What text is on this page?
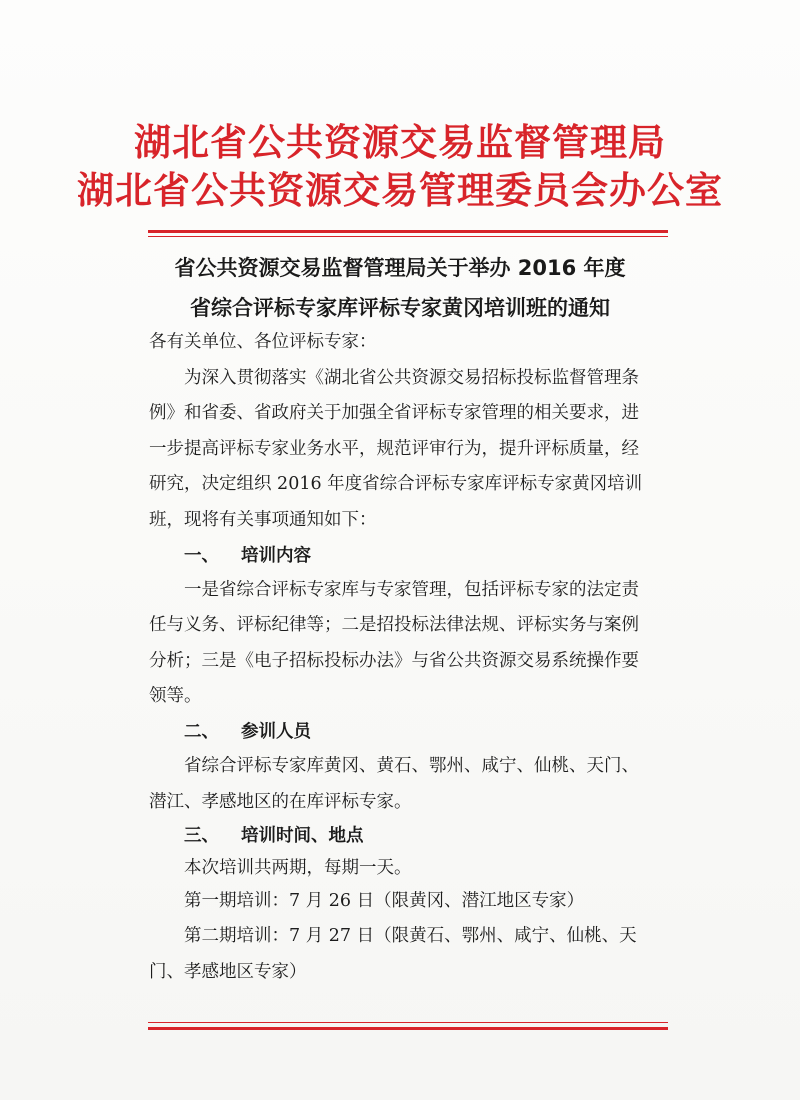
湖北省公共资源交易监督管理局
湖北省公共资源交易管理委员会办公室
省公共资源交易监督管理局关于举办 2016 年度
省综合评标专家库评标专家黄冈培训班的通知
各有关单位、各位评标专家：
为深入贯彻落实《湖北省公共资源交易招标投标监督管理条
例》和省委、省政府关于加强全省评标专家管理的相关要求，进
一步提高评标专家业务水平，规范评审行为，提升评标质量，经
研究，决定组织 2016 年度省综合评标专家库评标专家黄冈培训
班，现将有关事项通知如下：
一、 培训内容
一是省综合评标专家库与专家管理，包括评标专家的法定责
任与义务、评标纪律等；二是招投标法律法规、评标实务与案例
分析；三是《电子招标投标办法》与省公共资源交易系统操作要
领等。
二、 参训人员
省综合评标专家库黄冈、黄石、鄂州、咸宁、仙桃、天门、
潜江、孝感地区的在库评标专家。
三、 培训时间、地点
本次培训共两期，每期一天。
第一期培训：7 月 26 日（限黄冈、潜江地区专家）
第二期培训：7 月 27 日（限黄石、鄂州、咸宁、仙桃、天
门、孝感地区专家）
